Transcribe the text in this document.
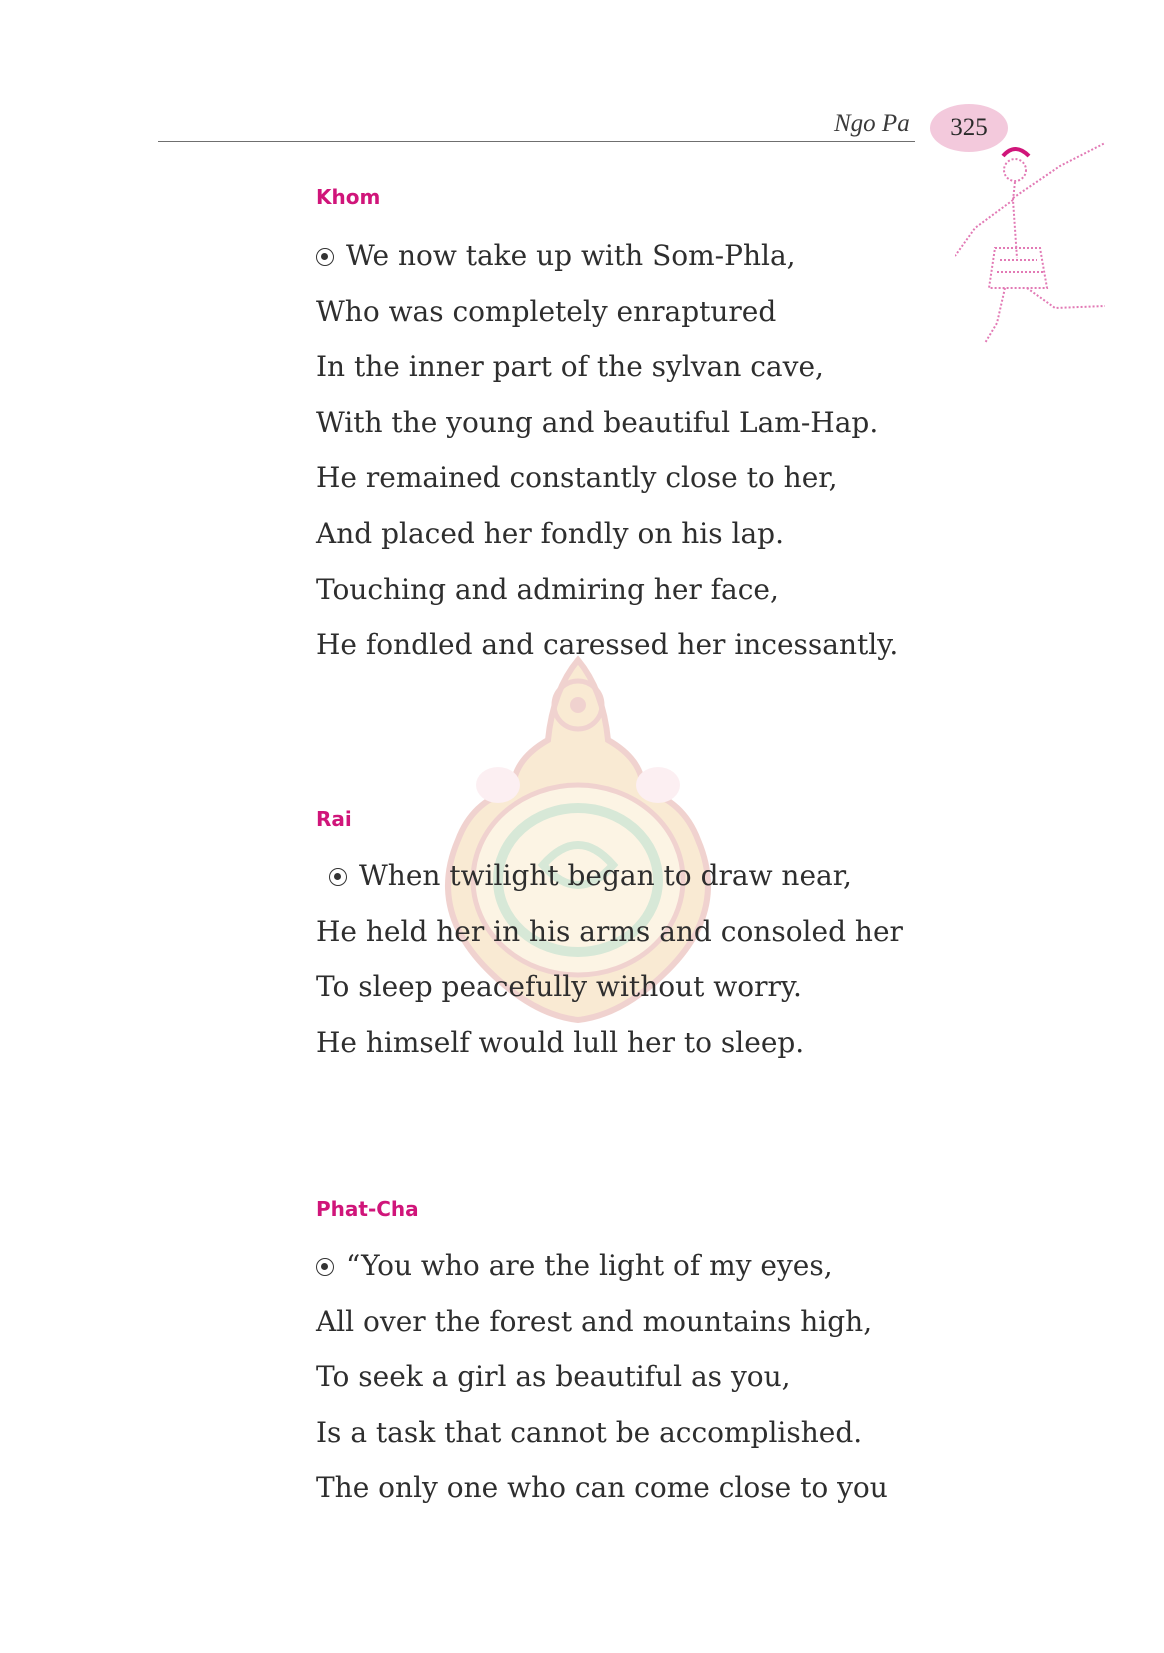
Ngo Pa 325
Khom
We now take up with Som-Phla,
Who was completely enraptured
In the inner part of the sylvan cave,
With the young and beautiful Lam-Hap.
He remained constantly close to her,
And placed her fondly on his lap.
Touching and admiring her face,
He fondled and caressed her incessantly.
Rai
When twilight began to draw near,
He held her in his arms and consoled her
To sleep peacefully without worry.
He himself would lull her to sleep.
Phat-Cha
“You who are the light of my eyes,
All over the forest and mountains high,
To seek a girl as beautiful as you,
Is a task that cannot be accomplished.
The only one who can come close to you
